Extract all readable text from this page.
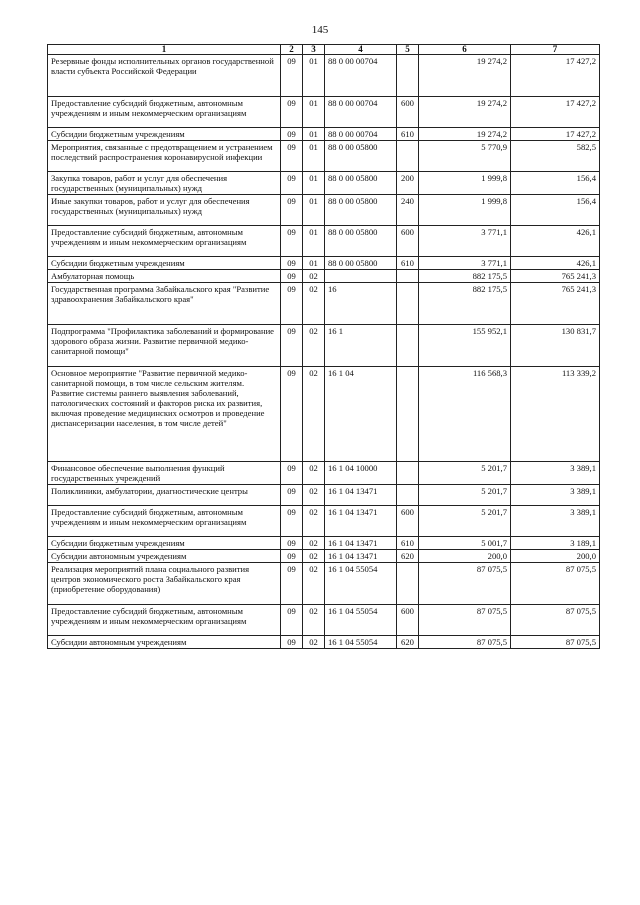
145
1	2	3	4	5	6	7
Резервные фонды исполнительных органов государственной власти субъекта Российской Федерации	09	01	88 0 00 00704		19 274,2	17 427,2
Предоставление субсидий бюджетным, автономным учреждениям и иным некоммерческим организациям	09	01	88 0 00 00704	600	19 274,2	17 427,2
Субсидии бюджетным учреждениям	09	01	88 0 00 00704	610	19 274,2	17 427,2
Мероприятия, связанные с предотвращением и устранением последствий распространения коронавирусной инфекции	09	01	88 0 00 05800		5 770,9	582,5
Закупка товаров, работ и услуг для обеспечения государственных (муниципальных) нужд	09	01	88 0 00 05800	200	1 999,8	156,4
Иные закупки товаров, работ и услуг для обеспечения государственных (муниципальных) нужд	09	01	88 0 00 05800	240	1 999,8	156,4
Предоставление субсидий бюджетным, автономным учреждениям и иным некоммерческим организациям	09	01	88 0 00 05800	600	3 771,1	426,1
Субсидии бюджетным учреждениям	09	01	88 0 00 05800	610	3 771,1	426,1
Амбулаторная помощь	09	02			882 175,5	765 241,3
Государственная программа Забайкальского края "Развитие здравоохранения Забайкальского края"	09	02	16		882 175,5	765 241,3
Подпрограмма "Профилактика заболеваний и формирование здорового образа жизни. Развитие первичной медико-санитарной помощи"	09	02	16 1		155 952,1	130 831,7
Основное мероприятие "Развитие первичной медико-санитарной помощи, в том числе сельским жителям. Развитие системы раннего выявления заболеваний, патологических состояний и факторов риска их развития, включая проведение медицинских осмотров и проведение диспансеризации населения, в том числе детей"	09	02	16 1 04		116 568,3	113 339,2
Финансовое обеспечение выполнения функций государственных учреждений	09	02	16 1 04 10000		5 201,7	3 389,1
Поликлиники, амбулатории, диагностические центры	09	02	16 1 04 13471		5 201,7	3 389,1
Предоставление субсидий бюджетным, автономным учреждениям и иным некоммерческим организациям	09	02	16 1 04 13471	600	5 201,7	3 389,1
Субсидии бюджетным учреждениям	09	02	16 1 04 13471	610	5 001,7	3 189,1
Субсидии автономным учреждениям	09	02	16 1 04 13471	620	200,0	200,0
Реализация мероприятий плана социального развития центров экономического роста Забайкальского края (приобретение оборудования)	09	02	16 1 04 55054		87 075,5	87 075,5
Предоставление субсидий бюджетным, автономным учреждениям и иным некоммерческим организациям	09	02	16 1 04 55054	600	87 075,5	87 075,5
Субсидии автономным учреждениям	09	02	16 1 04 55054	620	87 075,5	87 075,5
